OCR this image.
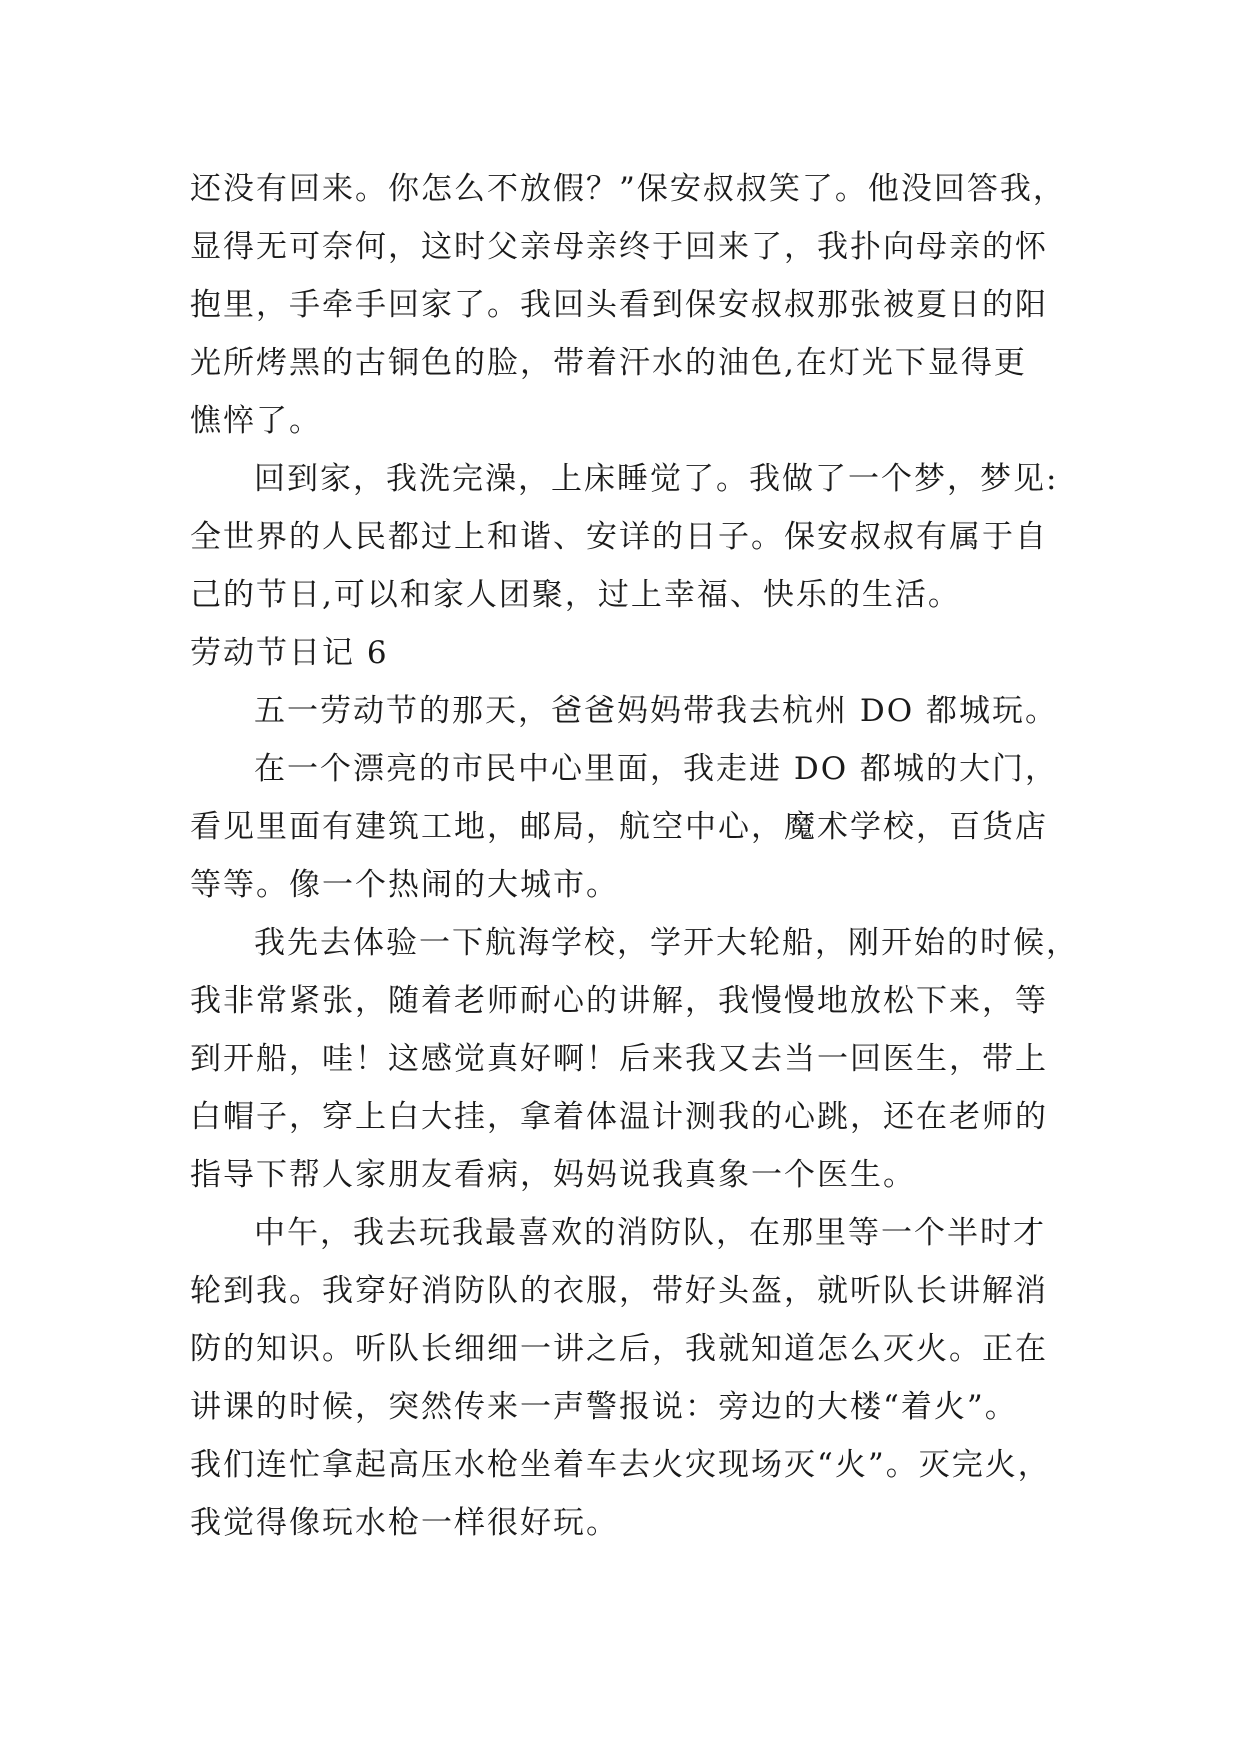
还没有回来。你怎么不放假？”保安叔叔笑了。他没回答我，
显得无可奈何，这时父亲母亲终于回来了，我扑向母亲的怀
抱里，手牵手回家了。我回头看到保安叔叔那张被夏日的阳
光所烤黑的古铜色的脸，带着汗水的油色,在灯光下显得更
憔悴了。
回到家，我洗完澡，上床睡觉了。我做了一个梦，梦见:
全世界的人民都过上和谐、安详的日子。保安叔叔有属于自
己的节日,可以和家人团聚，过上幸福、快乐的生活。
劳动节日记 6
五一劳动节的那天，爸爸妈妈带我去杭州 DO 都城玩。
在一个漂亮的市民中心里面，我走进 DO 都城的大门，
看见里面有建筑工地，邮局，航空中心，魔术学校，百货店
等等。像一个热闹的大城市。
我先去体验一下航海学校，学开大轮船，刚开始的时候，
我非常紧张，随着老师耐心的讲解，我慢慢地放松下来，等
到开船，哇！这感觉真好啊！后来我又去当一回医生，带上
白帽子，穿上白大挂，拿着体温计测我的心跳，还在老师的
指导下帮人家朋友看病，妈妈说我真象一个医生。
中午，我去玩我最喜欢的消防队，在那里等一个半时才
轮到我。我穿好消防队的衣服，带好头盔，就听队长讲解消
防的知识。听队长细细一讲之后，我就知道怎么灭火。正在
讲课的时候，突然传来一声警报说：旁边的大楼“着火”。
我们连忙拿起高压水枪坐着车去火灾现场灭“火”。灭完火，
我觉得像玩水枪一样很好玩。
